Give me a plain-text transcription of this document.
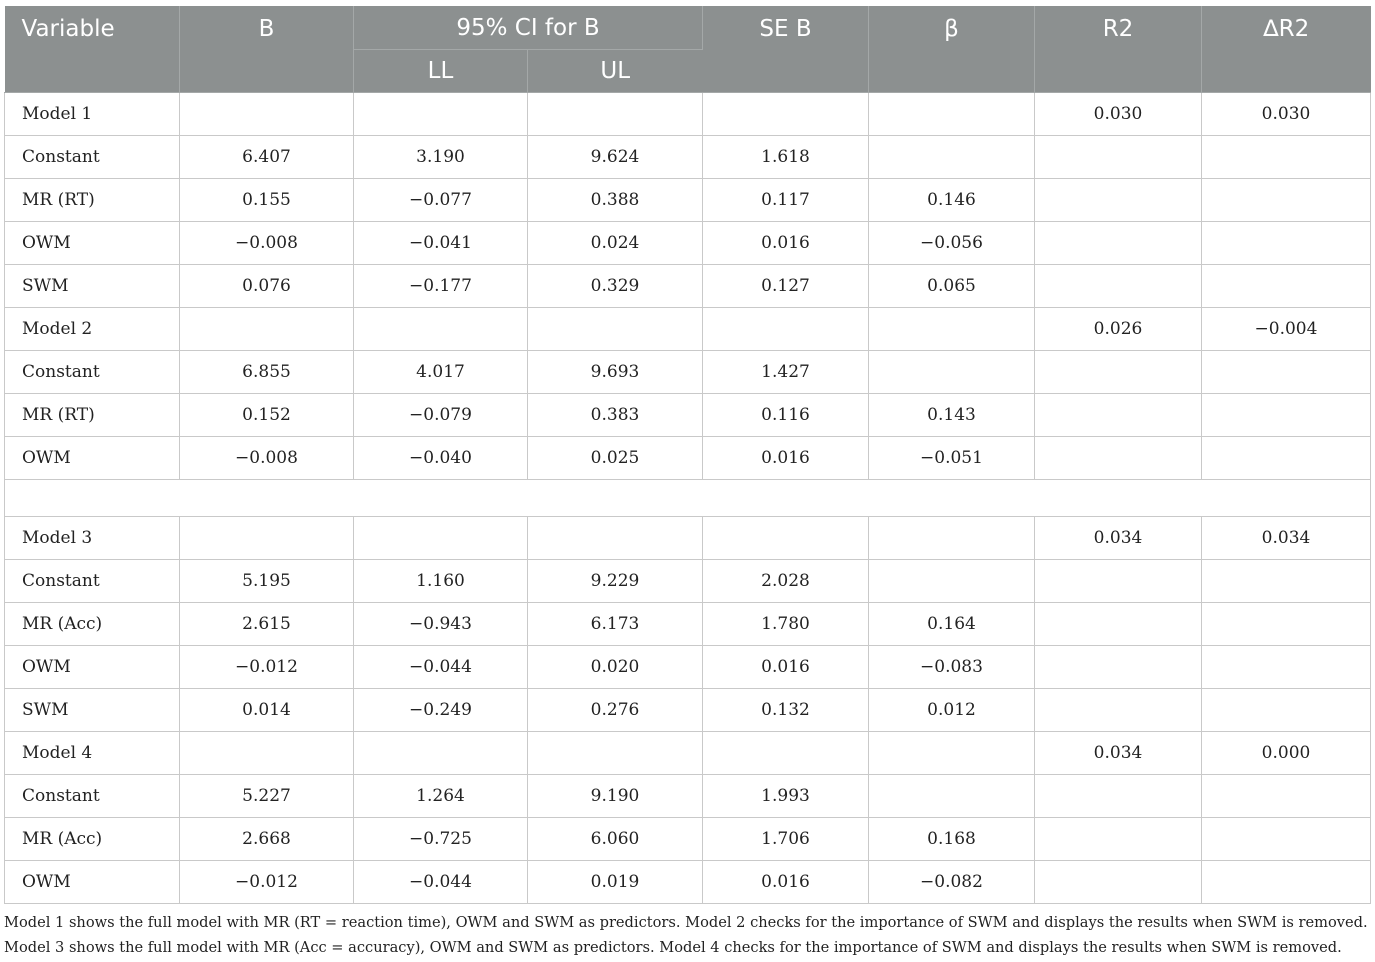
Variable	B	95% CI for B		SE B	β	R2	∆R2
		LL	UL				
Model 1						0.030	0.030
Constant	6.407	3.190	9.624	1.618			
MR (RT)	0.155	−0.077	0.388	0.117	0.146		
OWM	−0.008	−0.041	0.024	0.016	−0.056		
SWM	0.076	−0.177	0.329	0.127	0.065		
Model 2						0.026	−0.004
Constant	6.855	4.017	9.693	1.427			
MR (RT)	0.152	−0.079	0.383	0.116	0.143		
OWM	−0.008	−0.040	0.025	0.016	−0.051		

Model 3						0.034	0.034
Constant	5.195	1.160	9.229	2.028			
MR (Acc)	2.615	−0.943	6.173	1.780	0.164		
OWM	−0.012	−0.044	0.020	0.016	−0.083		
SWM	0.014	−0.249	0.276	0.132	0.012		
Model 4						0.034	0.000
Constant	5.227	1.264	9.190	1.993			
MR (Acc)	2.668	−0.725	6.060	1.706	0.168		
OWM	−0.012	−0.044	0.019	0.016	−0.082		
Model 1 shows the full model with MR (RT = reaction time), OWM and SWM as predictors. Model 2 checks for the importance of SWM and displays the results when SWM is removed. Model 3 shows the full model with MR (Acc = accuracy), OWM and SWM as predictors. Model 4 checks for the importance of SWM and displays the results when SWM is removed.
